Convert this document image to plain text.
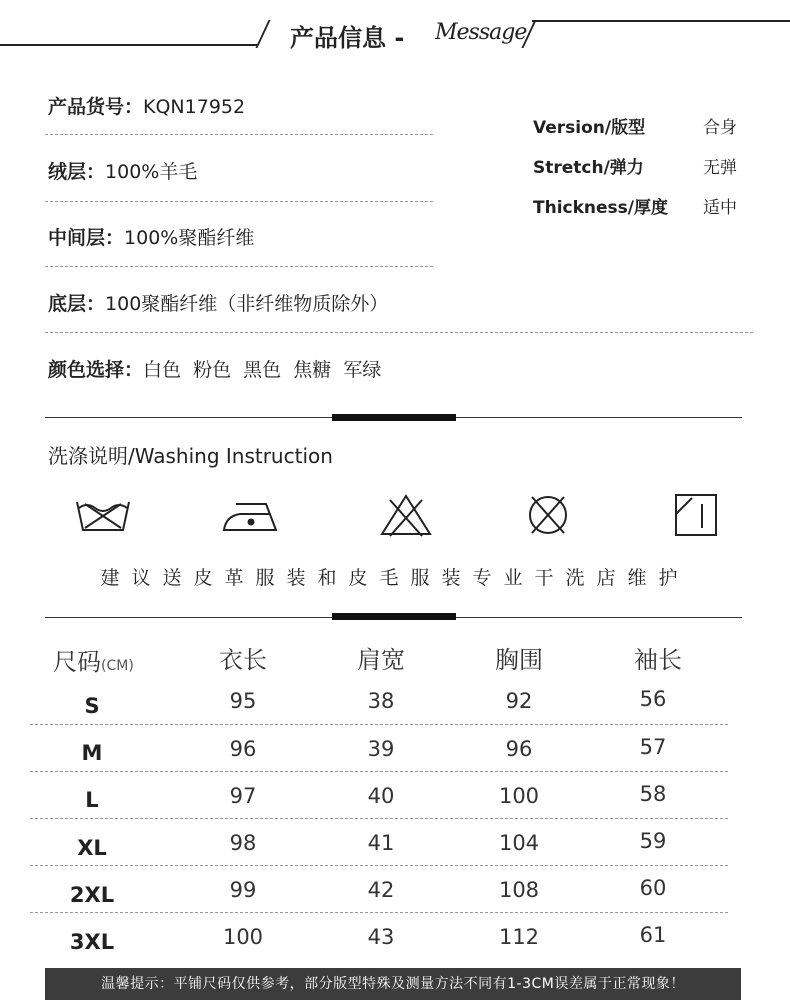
产品信息 - Message
产品货号：KQN17952
绒层：100%羊毛
中间层：100%聚酯纤维
底层：100聚酯纤维（非纤维物质除外）
颜色选择：白色  粉色  黑色  焦糖  军绿
Version/版型	合身
Stretch/弹力	无弹
Thickness/厚度 适中
洗涤说明/Washing Instruction
建议送皮革服装和皮毛服装专业干洗店维护
尺码(CM)	衣长	肩宽	胸围	袖长
S	95	38	92	56
M	96	39	96	57
L	97	40	100	58
XL	98	41	104	59
2XL	99	42	108	60
3XL	100	43	112	61
温馨提示：平铺尺码仅供参考，部分版型特殊及测量方法不同有1-3CM误差属于正常现象！
